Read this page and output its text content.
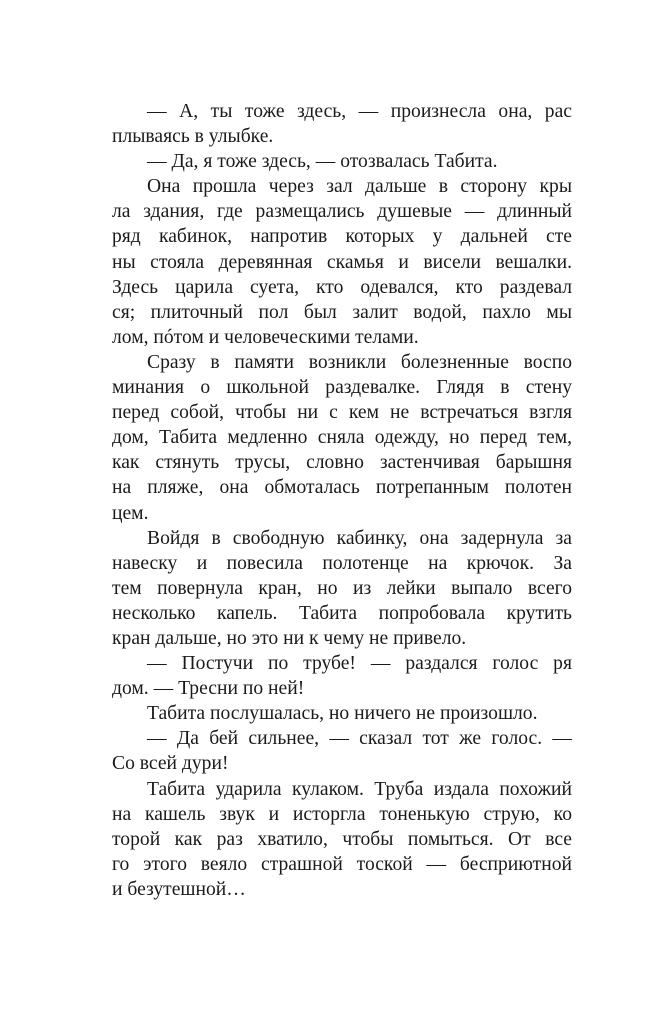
— А, ты тоже здесь, — произнесла она, рас
плываясь в улыбке.
— Да, я тоже здесь, — отозвалась Табита.
Она прошла через зал дальше в сторону кры
ла здания, где размещались душевые — длинный
ряд кабинок, напротив которых у дальней сте
ны стояла деревянная скамья и висели вешалки.
Здесь царила суета, кто одевался, кто раздевал
ся; плиточный пол был залит водой, пахло мы
лом, пóтом и человеческими телами.
Сразу в памяти возникли болезненные воспо
минания о школьной раздевалке. Глядя в стену
перед собой, чтобы ни с кем не встречаться взгля
дом, Табита медленно сняла одежду, но перед тем,
как стянуть трусы, словно застенчивая барышня
на пляже, она обмоталась потрепанным полотен
цем.
Войдя в свободную кабинку, она задернула за
навеску и повесила полотенце на крючок. За
тем повернула кран, но из лейки выпало всего
несколько капель. Табита попробовала крутить
кран дальше, но это ни к чему не привело.
— Постучи по трубе! — раздался голос ря
дом. — Тресни по ней!
Табита послушалась, но ничего не произошло.
— Да бей сильнее, — сказал тот же голос. —
Со всей дури!
Табита ударила кулаком. Труба издала похожий
на кашель звук и исторгла тоненькую струю, ко
торой как раз хватило, чтобы помыться. От все
го этого веяло страшной тоской — бесприютной
и безутешной…
